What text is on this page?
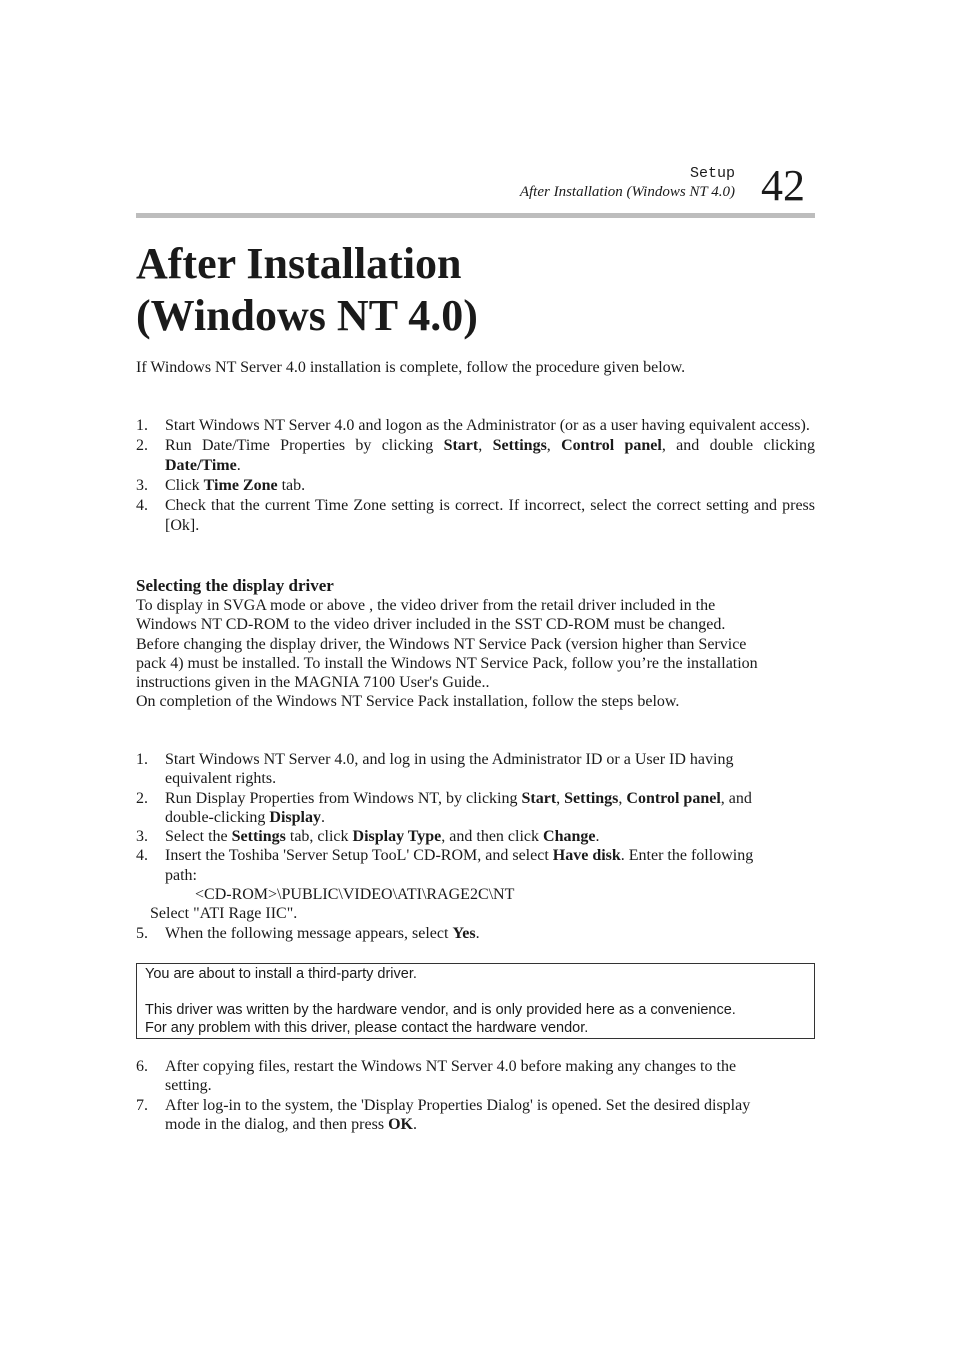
Setup
After Installation (Windows NT 4.0) 42
After Installation
(Windows NT 4.0)

If Windows NT Server 4.0 installation is complete, follow the procedure given below.

1. Start Windows NT Server 4.0 and logon as the Administrator (or as a user having equivalent access).
2. Run Date/Time Properties by clicking Start, Settings, Control panel, and double clicking Date/Time.
3. Click Time Zone tab.
4. Check that the current Time Zone setting is correct. If incorrect, select the correct setting and press [Ok].
Selecting the display driver
To display in SVGA mode or above , the video driver from the retail driver included in the Windows NT CD-ROM to the video driver included in the SST CD-ROM must be changed. Before changing the display driver, the Windows NT Service Pack (version higher than Service pack 4) must be installed. To install the Windows NT Service Pack, follow you’re the installation instructions given in the MAGNIA 7100 User's Guide..
On completion of the Windows NT Service Pack installation, follow the steps below.
1. Start Windows NT Server 4.0, and log in using the Administrator ID or a User ID having equivalent rights.
2. Run Display Properties from Windows NT, by clicking Start, Settings, Control panel, and double-clicking Display.
3. Select the Settings tab, click Display Type, and then click Change.
4. Insert the Toshiba 'Server Setup TooL' CD-ROM, and select Have disk. Enter the following path:
<CD-ROM>\PUBLIC\VIDEO\ATI\RAGE2C\NT
Select "ATI Rage IIC".
5. When the following message appears, select Yes.

You are about to install a third-party driver.

This driver was written by the hardware vendor, and is only provided here as a convenience.

For any problem with this driver, please contact the hardware vendor.

6. After copying files, restart the Windows NT Server 4.0 before making any changes to the setting.
7. After log-in to the system, the 'Display Properties Dialog' is opened. Set the desired display mode in the dialog, and then press OK.
